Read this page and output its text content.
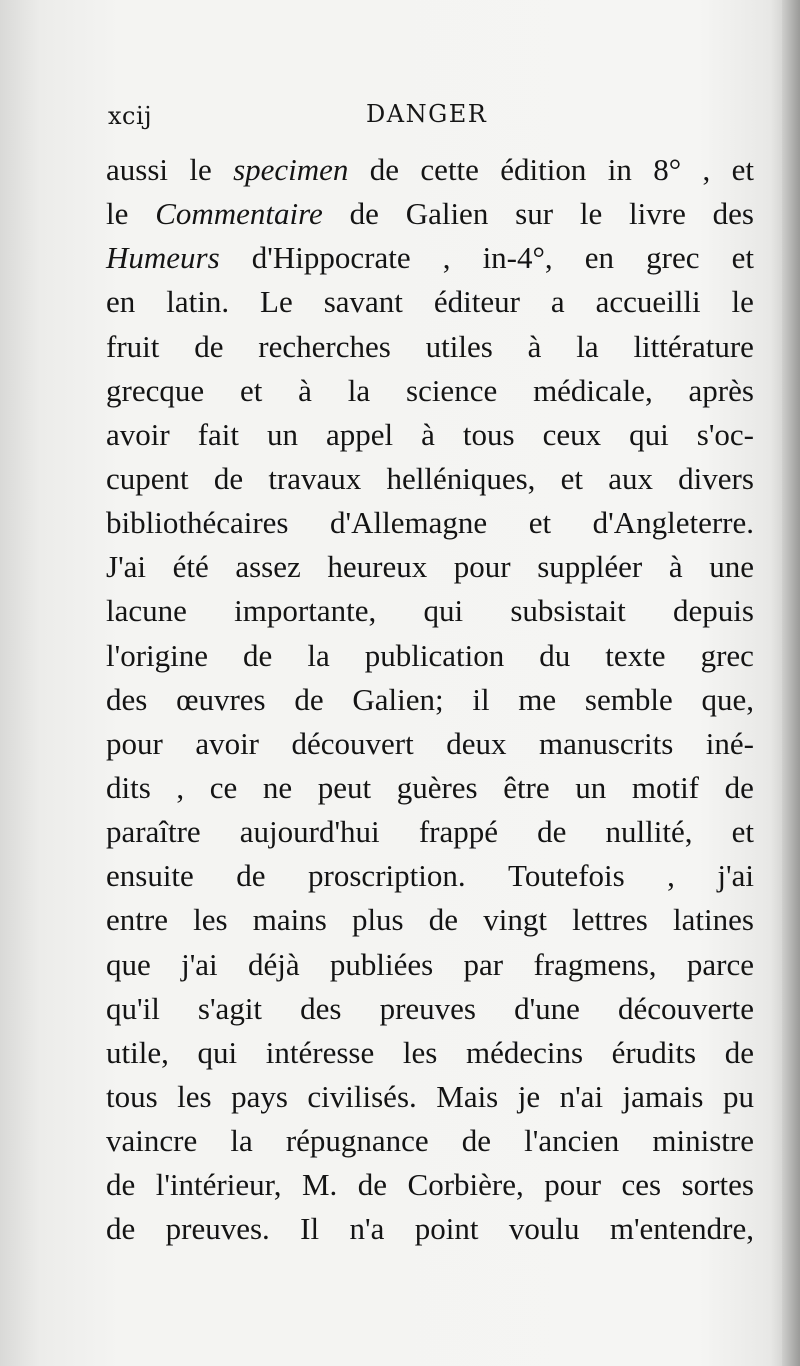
xcij	DANGER
aussi le specimen de cette édition in 8° , et
le Commentaire de Galien sur le livre des
Humeurs d'Hippocrate , in-4°, en grec et
en latin. Le savant éditeur a accueilli le
fruit de recherches utiles à la littérature
grecque et à la science médicale, après
avoir fait un appel à tous ceux qui s'oc-
cupent de travaux helléniques, et aux divers
bibliothécaires d'Allemagne et d'Angleterre.
J'ai été assez heureux pour suppléer à une
lacune importante, qui subsistait depuis
l'origine de la publication du texte grec
des œuvres de Galien; il me semble que,
pour avoir découvert deux manuscrits iné-
dits , ce ne peut guères être un motif de
paraître aujourd'hui frappé de nullité, et
ensuite de proscription. Toutefois , j'ai
entre les mains plus de vingt lettres latines
que j'ai déjà publiées par fragmens, parce
qu'il s'agit des preuves d'une découverte
utile, qui intéresse les médecins érudits de
tous les pays civilisés. Mais je n'ai jamais pu
vaincre la répugnance de l'ancien ministre
de l'intérieur, M. de Corbière, pour ces sortes
de preuves. Il n'a point voulu m'entendre,
